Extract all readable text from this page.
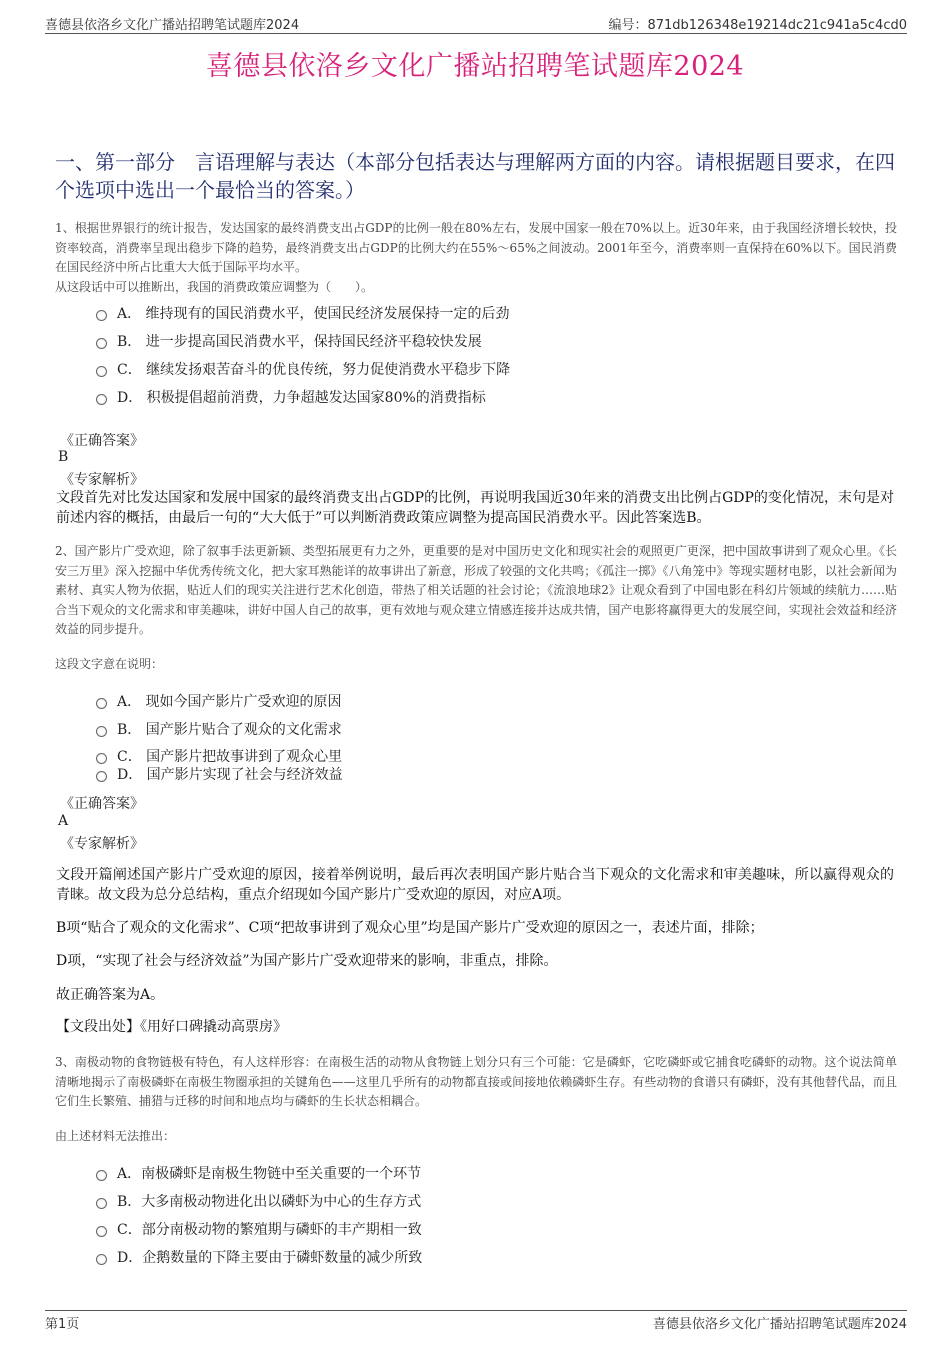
喜德县依洛乡文化广播站招聘笔试题库2024	编号：871db126348e19214dc21c941a5c4cd0
喜德县依洛乡文化广播站招聘笔试题库2024
一、第一部分　言语理解与表达（本部分包括表达与理解两方面的内容。请根据题目要求，在四个选项中选出一个最恰当的答案。）
1、根据世界银行的统计报告，发达国家的最终消费支出占GDP的比例一般在80%左右，发展中国家一般在70%以上。近30年来，由于我国经济增长较快，投资率较高，消费率呈现出稳步下降的趋势，最终消费支出占GDP的比例大约在55%～65%之间波动。2001年至今，消费率则一直保持在60%以下。国民消费在国民经济中所占比重大大低于国际平均水平。
从这段话中可以推断出，我国的消费政策应调整为（　　）。
A． 维持现有的国民消费水平，使国民经济发展保持一定的后劲
B． 进一步提高国民消费水平，保持国民经济平稳较快发展
C． 继续发扬艰苦奋斗的优良传统，努力促使消费水平稳步下降
D． 积极提倡超前消费，力争超越发达国家80%的消费指标
《正确答案》
B
《专家解析》
文段首先对比发达国家和发展中国家的最终消费支出占GDP的比例，再说明我国近30年来的消费支出比例占GDP的变化情况，末句是对前述内容的概括，由最后一句的“大大低于”可以判断消费政策应调整为提高国民消费水平。因此答案选B。
2、国产影片广受欢迎，除了叙事手法更新颖、类型拓展更有力之外，更重要的是对中国历史文化和现实社会的观照更广更深，把中国故事讲到了观众心里。《长安三万里》深入挖掘中华优秀传统文化，把大家耳熟能详的故事讲出了新意，形成了较强的文化共鸣；《孤注一掷》《八角笼中》等现实题材电影，以社会新闻为素材、真实人物为依据，贴近人们的现实关注进行艺术化创造，带热了相关话题的社会讨论；《流浪地球2》让观众看到了中国电影在科幻片领域的续航力……贴合当下观众的文化需求和审美趣味，讲好中国人自己的故事，更有效地与观众建立情感连接并达成共情，国产电影将赢得更大的发展空间，实现社会效益和经济效益的同步提升。
这段文字意在说明：
A． 现如今国产影片广受欢迎的原因
B． 国产影片贴合了观众的文化需求
C． 国产影片把故事讲到了观众心里
D． 国产影片实现了社会与经济效益
《正确答案》
A
《专家解析》
文段开篇阐述国产影片广受欢迎的原因，接着举例说明，最后再次表明国产影片贴合当下观众的文化需求和审美趣味，所以赢得观众的青睐。故文段为总分总结构，重点介绍现如今国产影片广受欢迎的原因，对应A项。
B项“贴合了观众的文化需求”、C项“把故事讲到了观众心里”均是国产影片广受欢迎的原因之一，表述片面，排除；
D项，“实现了社会与经济效益”为国产影片广受欢迎带来的影响，非重点，排除。
故正确答案为A。
【文段出处】《用好口碑撬动高票房》
3、南极动物的食物链极有特色，有人这样形容：在南极生活的动物从食物链上划分只有三个可能：它是磷虾，它吃磷虾或它捕食吃磷虾的动物。这个说法简单清晰地揭示了南极磷虾在南极生物圈承担的关键角色——这里几乎所有的动物都直接或间接地依赖磷虾生存。有些动物的食谱只有磷虾，没有其他替代品，而且它们生长繁殖、捕猎与迁移的时间和地点均与磷虾的生长状态相耦合。
由上述材料无法推出：
A．南极磷虾是南极生物链中至关重要的一个环节
B．大多南极动物进化出以磷虾为中心的生存方式
C．部分南极动物的繁殖期与磷虾的丰产期相一致
D．企鹅数量的下降主要由于磷虾数量的减少所致
第1页	喜德县依洛乡文化广播站招聘笔试题库2024
